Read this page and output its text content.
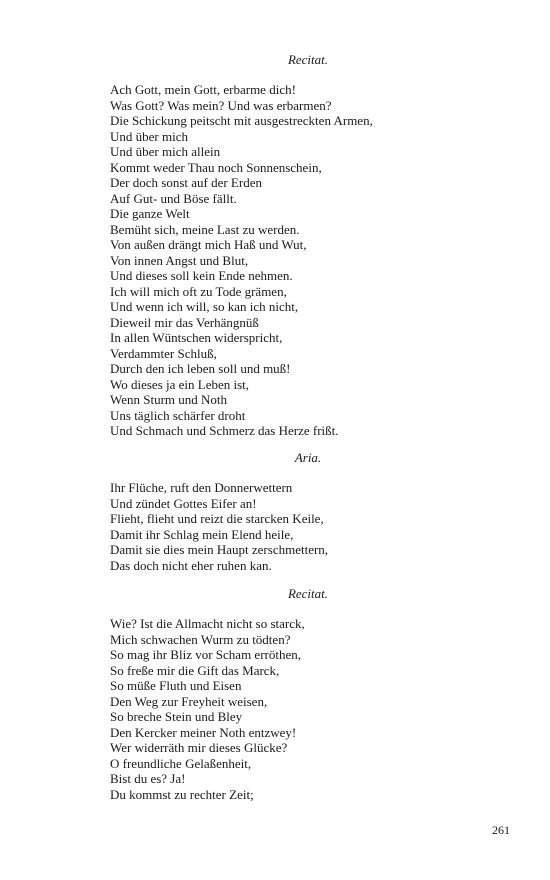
Recitat.
Ach Gott, mein Gott, erbarme dich!
Was Gott? Was mein? Und was erbarmen?
Die Schickung peitscht mit ausgestreckten Armen,
Und über mich
Und über mich allein
Kommt weder Thau noch Sonnenschein,
Der doch sonst auf der Erden
Auf Gut- und Böse fällt.
Die ganze Welt
Bemüht sich, meine Last zu werden.
Von außen drängt mich Haß und Wut,
Von innen Angst und Blut,
Und dieses soll kein Ende nehmen.
Ich will mich oft zu Tode grämen,
Und wenn ich will, so kan ich nicht,
Dieweil mir das Verhängnüß
In allen Wüntschen widerspricht,
Verdammter Schluß,
Durch den ich leben soll und muß!
Wo dieses ja ein Leben ist,
Wenn Sturm und Noth
Uns täglich schärfer droht
Und Schmach und Schmerz das Herze frißt.
Aria.
Ihr Flüche, ruft den Donnerwettern
Und zündet Gottes Eifer an!
Flieht, flieht und reizt die starcken Keile,
Damit ihr Schlag mein Elend heile,
Damit sie dies mein Haupt zerschmettern,
Das doch nicht eher ruhen kan.
Recitat.
Wie? Ist die Allmacht nicht so starck,
Mich schwachen Wurm zu tödten?
So mag ihr Bliz vor Scham erröthen,
So freße mir die Gift das Marck,
So müße Fluth und Eisen
Den Weg zur Freyheit weisen,
So breche Stein und Bley
Den Kercker meiner Noth entzwey!
Wer widerräth mir dieses Glücke?
O freundliche Gelaßenheit,
Bist du es? Ja!
Du kommst zu rechter Zeit;
261
